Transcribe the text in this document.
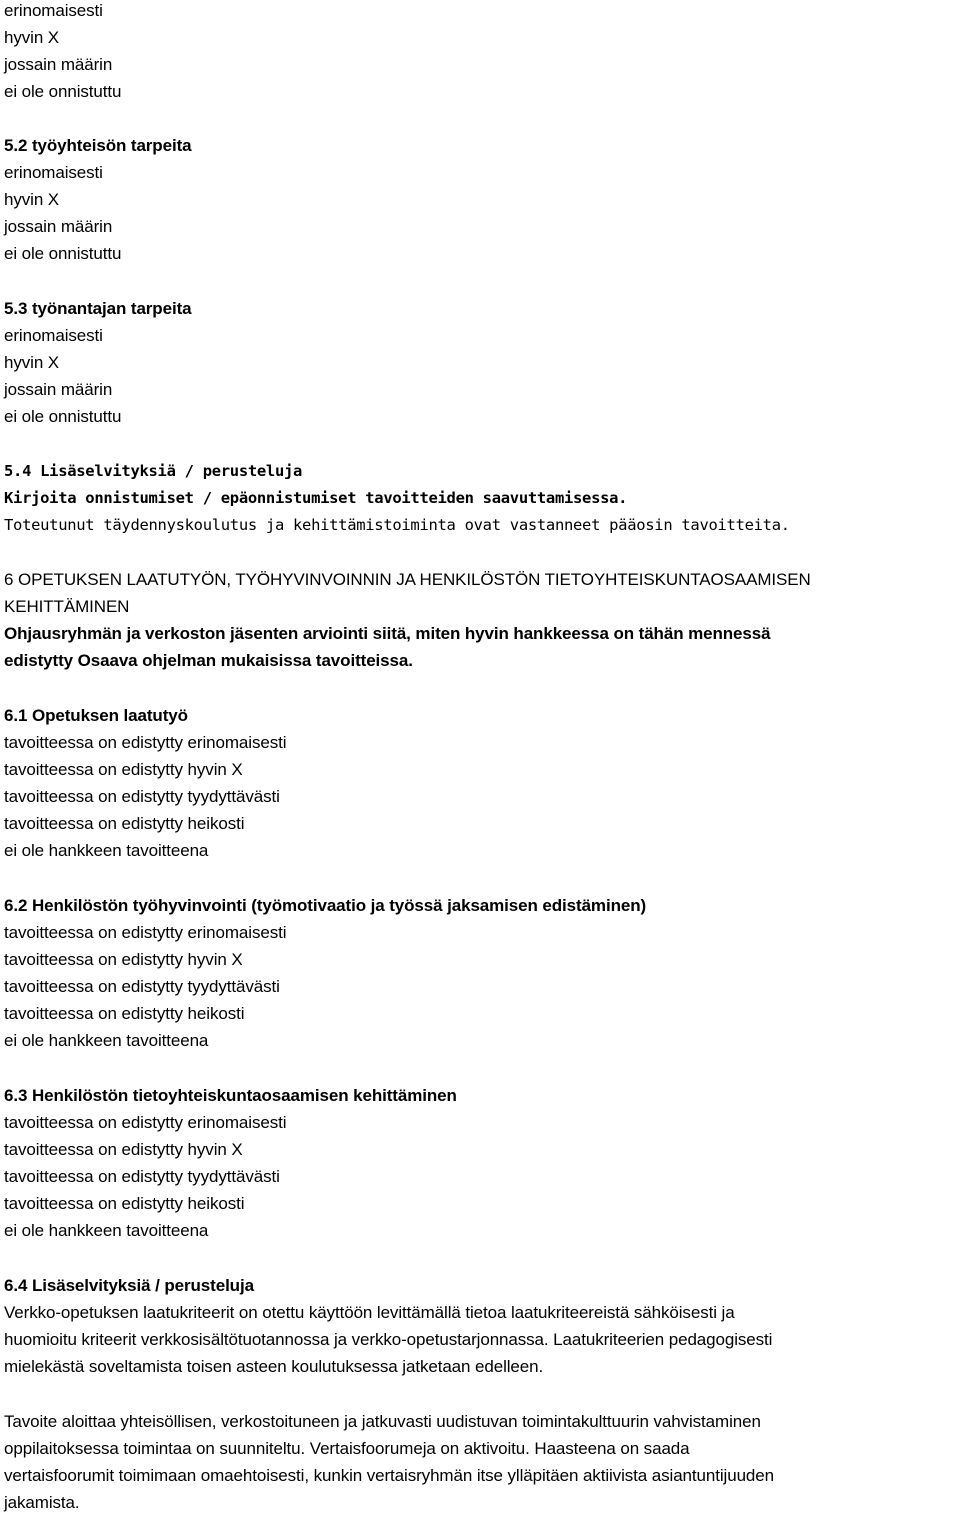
erinomaisesti
hyvin X
jossain määrin
ei ole onnistuttu
5.2 työyhteisön tarpeita
erinomaisesti
hyvin X
jossain määrin
ei ole onnistuttu
5.3 työnantajan tarpeita
erinomaisesti
hyvin X
jossain määrin
ei ole onnistuttu
5.4 Lisäselvityksiä / perusteluja
Kirjoita onnistumiset / epäonnistumiset tavoitteiden saavuttamisessa.
Toteutunut täydennyskoulutus ja kehittämistoiminta ovat vastanneet pääosin tavoitteita.
6 OPETUKSEN LAATUTYÖN, TYÖHYVINVOINNIN JA HENKILÖSTÖN TIETOYHTEISKUNTAOSAAMISEN
KEHITTÄMINEN
Ohjausryhmän ja verkoston jäsenten arviointi siitä, miten hyvin hankkeessa on tähän mennessä
edistytty Osaava ohjelman mukaisissa tavoitteissa.
6.1 Opetuksen laatutyö
tavoitteessa on edistytty erinomaisesti
tavoitteessa on edistytty hyvin X
tavoitteessa on edistytty tyydyttävästi
tavoitteessa on edistytty heikosti
ei ole hankkeen tavoitteena
6.2 Henkilöstön työhyvinvointi (työmotivaatio ja työssä jaksamisen edistäminen)
tavoitteessa on edistytty erinomaisesti
tavoitteessa on edistytty hyvin X
tavoitteessa on edistytty tyydyttävästi
tavoitteessa on edistytty heikosti
ei ole hankkeen tavoitteena
6.3 Henkilöstön tietoyhteiskuntaosaamisen kehittäminen
tavoitteessa on edistytty erinomaisesti
tavoitteessa on edistytty hyvin X
tavoitteessa on edistytty tyydyttävästi
tavoitteessa on edistytty heikosti
ei ole hankkeen tavoitteena
6.4 Lisäselvityksiä / perusteluja
Verkko-opetuksen laatukriteerit on otettu käyttöön levittämällä tietoa laatukriteereistä sähköisesti ja
huomioitu kriteerit verkkosisältötuotannossa ja verkko-opetustarjonnassa. Laatukriteerien pedagogisesti
mielekästä soveltamista toisen asteen koulutuksessa jatketaan edelleen.
Tavoite aloittaa yhteisöllisen, verkostoituneen ja jatkuvasti uudistuvan toimintakulttuurin vahvistaminen
oppilaitoksessa toimintaa on suunniteltu. Vertaisfoorumeja on aktivoitu. Haasteena on saada
vertaisfoorumit toimimaan omaehtoisesti, kunkin vertaisryhmän itse ylläpitäen aktiivista asiantuntijuuden
jakamista.
